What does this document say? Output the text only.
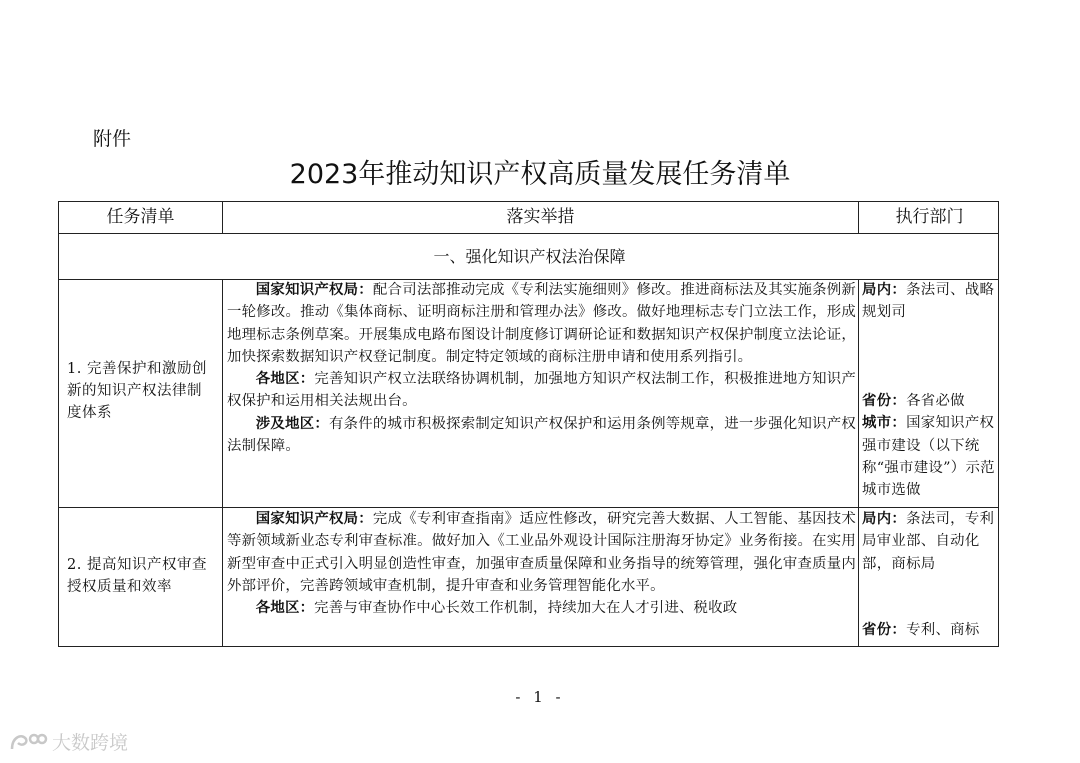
附件
2023年推动知识产权高质量发展任务清单
任务清单	落实举措	执行部门
一、强化知识产权法治保障
1. 完善保护和激励创新的知识产权法律制度体系

国家知识产权局：配合司法部推动完成《专利法实施细则》修改。推进商标法及其实施条例新一轮修改。推动《集体商标、证明商标注册和管理办法》修改。做好地理标志专门立法工作，形成地理标志条例草案。开展集成电路布图设计制度修订调研论证和数据知识产权保护制度立法论证，加快探索数据知识产权登记制度。制定特定领域的商标注册申请和使用系列指引。

各地区：完善知识产权立法联络协调机制，加强地方知识产权法制工作，积极推进地方知识产权保护和运用相关法规出台。

涉及地区：有条件的城市积极探索制定知识产权保护和运用条例等规章，进一步强化知识产权法制保障。

局内：条法司、战略规划司

省份：各省必做

城市：国家知识产权强市建设（以下统称“强市建设”）示范城市选做

2. 提高知识产权审查授权质量和效率

国家知识产权局：完成《专利审查指南》适应性修改，研究完善大数据、人工智能、基因技术等新领域新业态专利审查标准。做好加入《工业品外观设计国际注册海牙协定》业务衔接。在实用新型审查中正式引入明显创造性审查，加强审查质量保障和业务指导的统筹管理，强化审查质量内外部评价，完善跨领域审查机制，提升审查和业务管理智能化水平。

各地区：完善与审查协作中心长效工作机制，持续加大在人才引进、税收政

局内：条法司，专利局审业部、自动化部，商标局

省份：专利、商标

- 1 -
大数跨境
